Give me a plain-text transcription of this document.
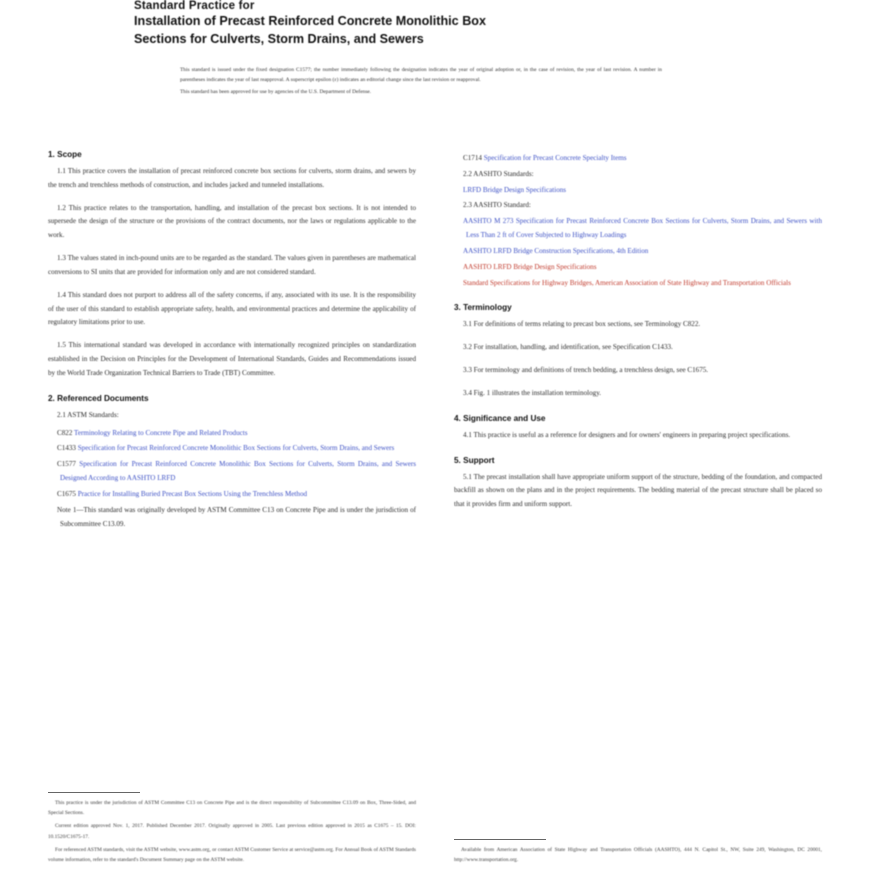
Standard Practice for
Installation of Precast Reinforced Concrete Monolithic Box
Sections for Culverts, Storm Drains, and Sewers

This standard is issued under the fixed designation C1577; the number immediately following the designation indicates the year of original adoption or, in the case of revision, the year of last revision. A number in parentheses indicates the year of last reapproval. A superscript epsilon (ε) indicates an editorial change since the last revision or reapproval.

This standard has been approved for use by agencies of the U.S. Department of Defense.

1. Scope

1.1 This practice covers the installation of precast reinforced concrete box sections for culverts, storm drains, and sewers by the trench and trenchless methods of construction, and includes jacked and tunneled installations.

1.2 This practice relates to the transportation, handling, and installation of the precast box sections. It is not intended to supersede the design of the structure or the provisions of the contract documents, nor the laws or regulations applicable to the work.

1.3 The values stated in inch-pound units are to be regarded as the standard. The values given in parentheses are mathematical conversions to SI units that are provided for information only and are not considered standard.

1.4 This standard does not purport to address all of the safety concerns, if any, associated with its use. It is the responsibility of the user of this standard to establish appropriate safety, health, and environmental practices and determine the applicability of regulatory limitations prior to use.

1.5 This international standard was developed in accordance with internationally recognized principles on standardization established in the Decision on Principles for the Development of International Standards, Guides and Recommendations issued by the World Trade Organization Technical Barriers to Trade (TBT) Committee.

2. Referenced Documents

2.1 ASTM Standards:

C822 Terminology Relating to Concrete Pipe and Related Products
C1433 Specification for Precast Reinforced Concrete Monolithic Box Sections for Culverts, Storm Drains, and Sewers
C1577 Specification for Precast Reinforced Concrete Monolithic Box Sections for Culverts, Storm Drains, and Sewers Designed According to AASHTO LRFD
C1675 Practice for Installing Buried Precast Box Sections Using the Trenchless Method
Note 1—This standard was originally developed by ASTM Committee C13 on Concrete Pipe and is under the jurisdiction of Subcommittee C13.09.

This practice is under the jurisdiction of ASTM Committee C13 on Concrete Pipe and is the direct responsibility of Subcommittee C13.09 on Box, Three-Sided, and Special Sections.

Current edition approved Nov. 1, 2017. Published December 2017. Originally approved in 2005. Last previous edition approved in 2015 as C1675 – 15. DOI: 10.1520/C1675-17.

For referenced ASTM standards, visit the ASTM website, www.astm.org, or contact ASTM Customer Service at service@astm.org. For Annual Book of ASTM Standards volume information, refer to the standard's Document Summary page on the ASTM website.

C1714 Specification for Precast Concrete Specialty Items
2.2 AASHTO Standards:
LRFD Bridge Design Specifications
2.3 AASHTO Standard:
AASHTO M 273 Specification for Precast Reinforced Concrete Box Sections for Culverts, Storm Drains, and Sewers with Less Than 2 ft of Cover Subjected to Highway Loadings
AASHTO LRFD Bridge Construction Specifications, 4th Edition
AASHTO LRFD Bridge Design Specifications
Standard Specifications for Highway Bridges, American Association of State Highway and Transportation Officials
3. Terminology

3.1 For definitions of terms relating to precast box sections, see Terminology C822.

3.2 For installation, handling, and identification, see Specification C1433.

3.3 For terminology and definitions of trench bedding, a trenchless design, see C1675.

3.4 Fig. 1 illustrates the installation terminology.

4. Significance and Use

4.1 This practice is useful as a reference for designers and for owners' engineers in preparing project specifications.

5. Support

5.1 The precast installation shall have appropriate uniform support of the structure, bedding of the foundation, and compacted backfill as shown on the plans and in the project requirements. The bedding material of the precast structure shall be placed so that it provides firm and uniform support.

Available from American Association of State Highway and Transportation Officials (AASHTO), 444 N. Capitol St., NW, Suite 249, Washington, DC 20001, http://www.transportation.org.
